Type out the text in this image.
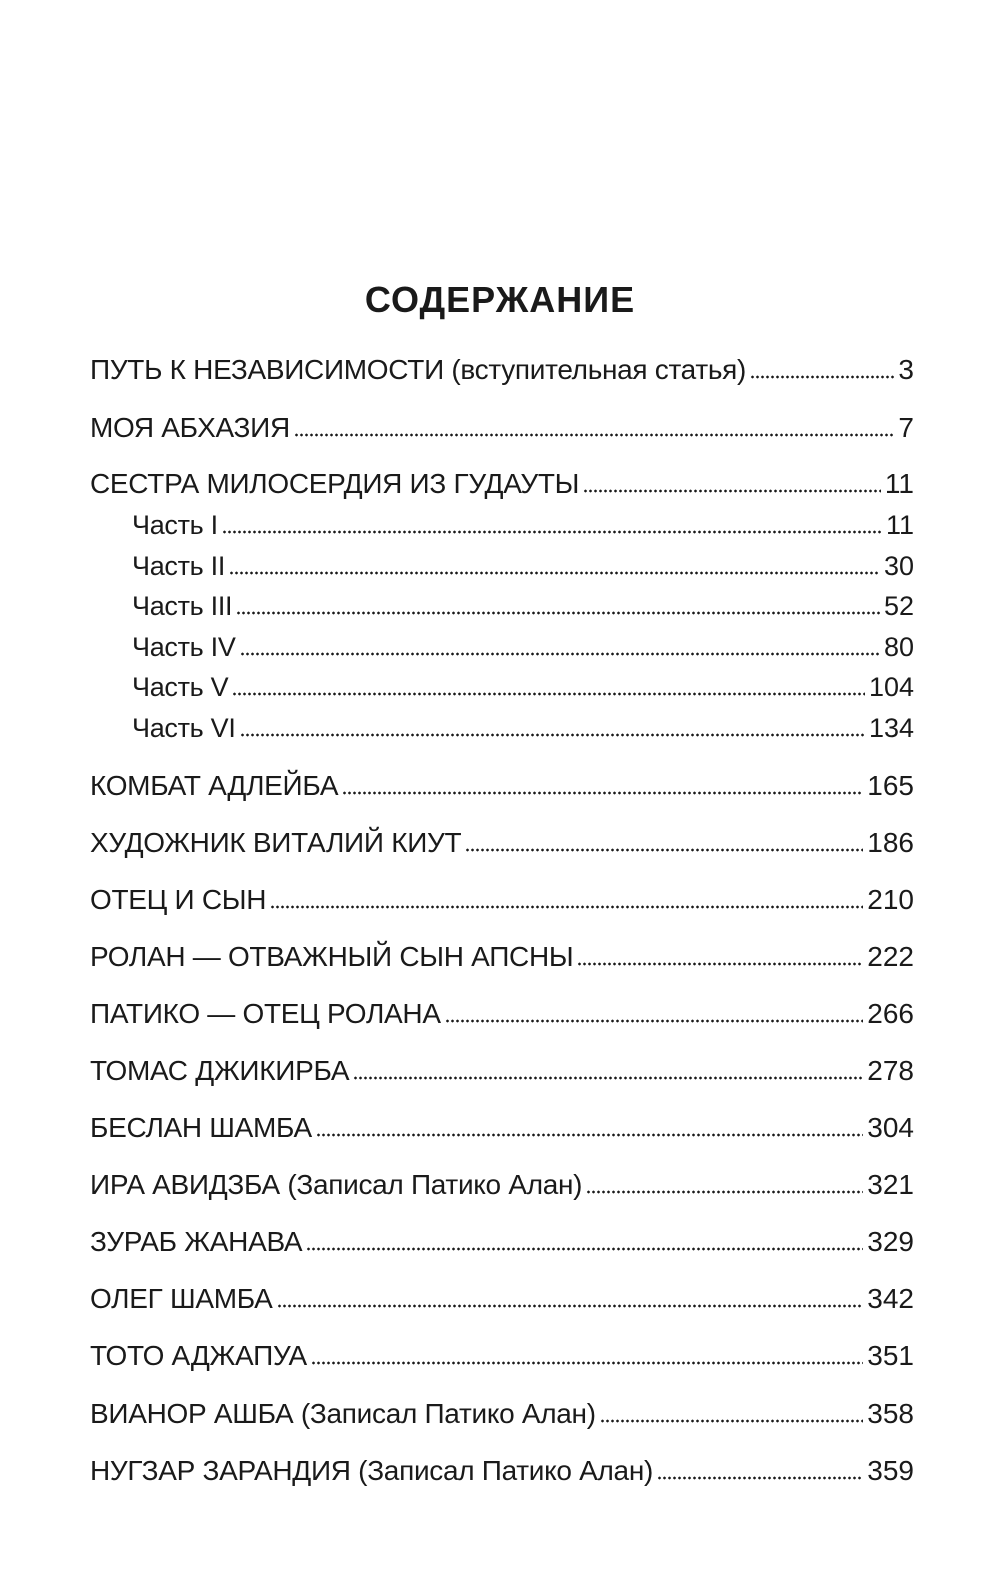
СОДЕРЖАНИЕ
ПУТЬ К НЕЗАВИСИМОСТИ (вступительная статья)	3
МОЯ АБХАЗИЯ	7
СЕСТРА МИЛОСЕРДИЯ ИЗ ГУДАУТЫ	11
Часть I	11
Часть II	30
Часть III	52
Часть IV	80
Часть V	104
Часть VI	134
КОМБАТ АДЛЕЙБА	165
ХУДОЖНИК ВИТАЛИЙ КИУТ	186
ОТЕЦ И СЫН	210
РОЛАН — ОТВАЖНЫЙ СЫН АПСНЫ	222
ПАТИКО — ОТЕЦ РОЛАНА	266
ТОМАС ДЖИКИРБА	278
БЕСЛАН ШАМБА	304
ИРА АВИДЗБА (Записал Патико Алан)	321
ЗУРАБ ЖАНАВА	329
ОЛЕГ ШАМБА	342
ТОТО АДЖАПУА	351
ВИАНОР АШБА (Записал Патико Алан)	358
НУГЗАР ЗАРАНДИЯ (Записал Патико Алан)	359
